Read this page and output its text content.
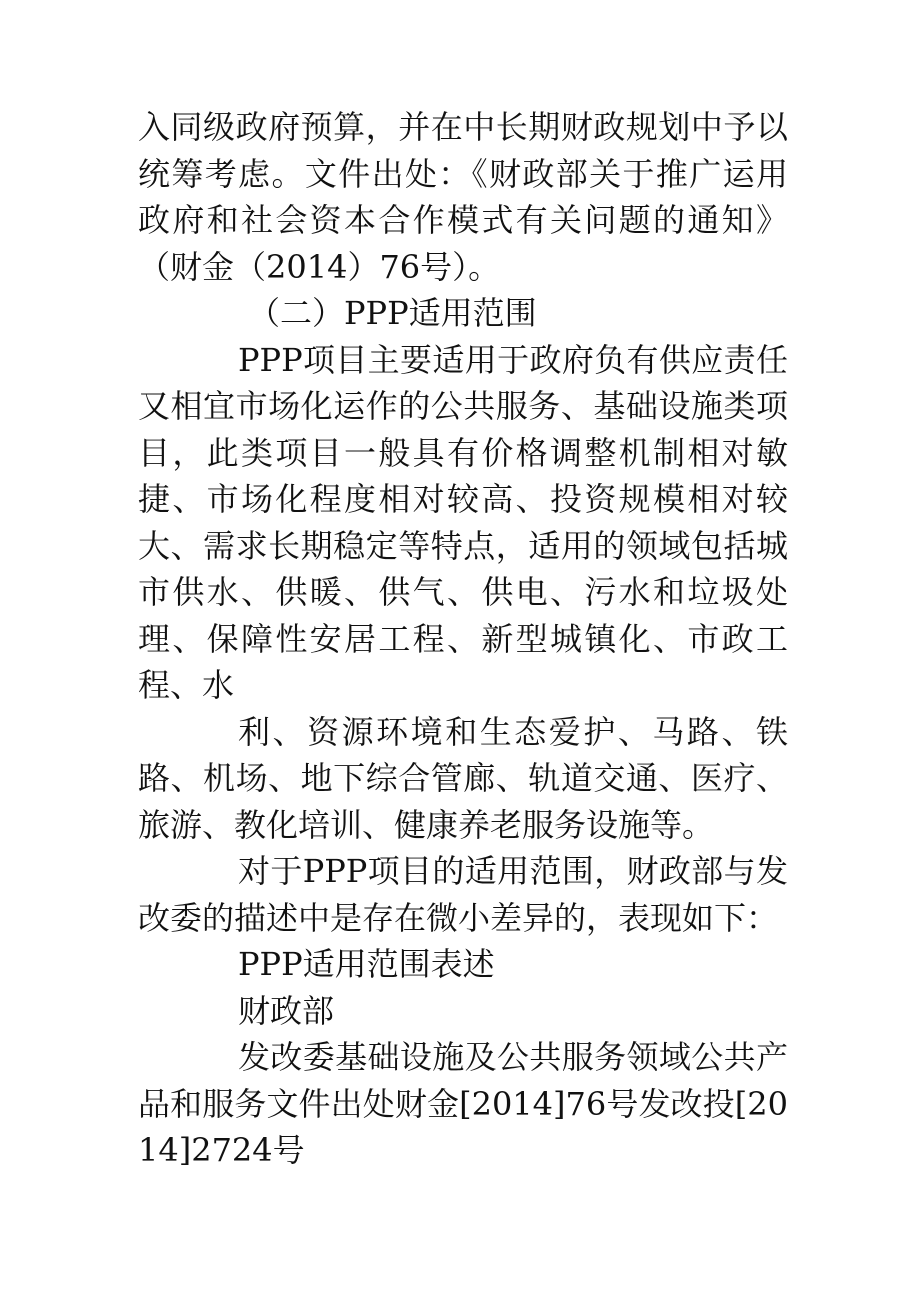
入同级政府预算，并在中长期财政规划中予以统筹考虑。文件出处：《财政部关于推广运用政府和社会资本合作模式有关问题的通知》（财金（2014）76号）。

（二）PPP适用范围

PPP项目主要适用于政府负有供应责任又相宜市场化运作的公共服务、基础设施类项目，此类项目一般具有价格调整机制相对敏捷、市场化程度相对较高、投资规模相对较大、需求长期稳定等特点，适用的领域包括城市供水、供暖、供气、供电、污水和垃圾处理、保障性安居工程、新型城镇化、市政工程、水

利、资源环境和生态爱护、马路、铁路、机场、地下综合管廊、轨道交通、医疗、旅游、教化培训、健康养老服务设施等。

对于PPP项目的适用范围，财政部与发改委的描述中是存在微小差异的，表现如下：

PPP适用范围表述

财政部

发改委基础设施及公共服务领域公共产品和服务文件出处财金[2014]76号发改投[2014]2724号
